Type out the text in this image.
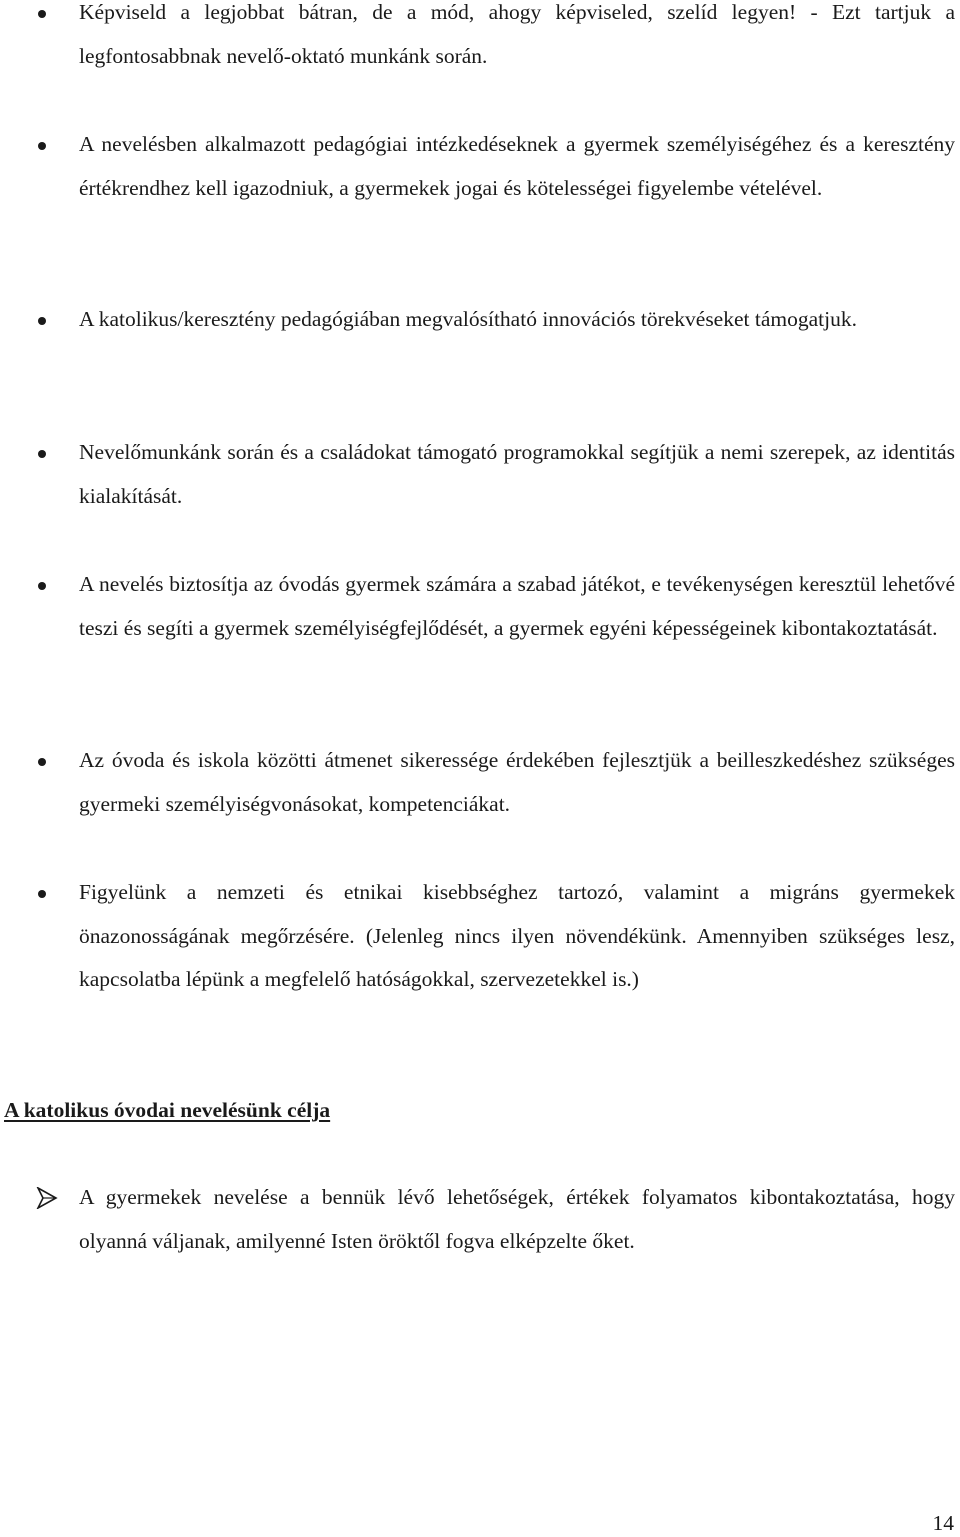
Képviseld a legjobbat bátran, de a mód, ahogy képviseled, szelíd legyen! - Ezt tartjuk a legfontosabbnak nevelő-oktató munkánk során.
A nevelésben alkalmazott pedagógiai intézkedéseknek a gyermek személyiségéhez és a keresztény értékrendhez kell igazodniuk, a gyermekek jogai és kötelességei figyelembe vételével.
A katolikus/keresztény pedagógiában megvalósítható innovációs törekvéseket támogatjuk.
Nevelőmunkánk során és a családokat támogató programokkal segítjük a nemi szerepek, az identitás kialakítását.
A nevelés biztosítja az óvodás gyermek számára a szabad játékot, e tevékenységen keresztül lehetővé teszi és segíti a gyermek személyiségfejlődését, a gyermek egyéni képességeinek kibontakoztatását.
Az óvoda és iskola közötti átmenet sikeressége érdekében fejlesztjük a beilleszkedéshez szükséges gyermeki személyiségvonásokat, kompetenciákat.
Figyelünk a nemzeti és etnikai kisebbséghez tartozó, valamint a migráns gyermekek önazonosságának megőrzésére. (Jelenleg nincs ilyen növendékünk. Amennyiben szükséges lesz, kapcsolatba lépünk a megfelelő hatóságokkal, szervezetekkel is.)
A katolikus óvodai nevelésünk célja
A gyermekek nevelése a bennük lévő lehetőségek, értékek folyamatos kibontakoztatása, hogy olyanná váljanak, amilyenné Isten öröktől fogva elképzelte őket.
14
